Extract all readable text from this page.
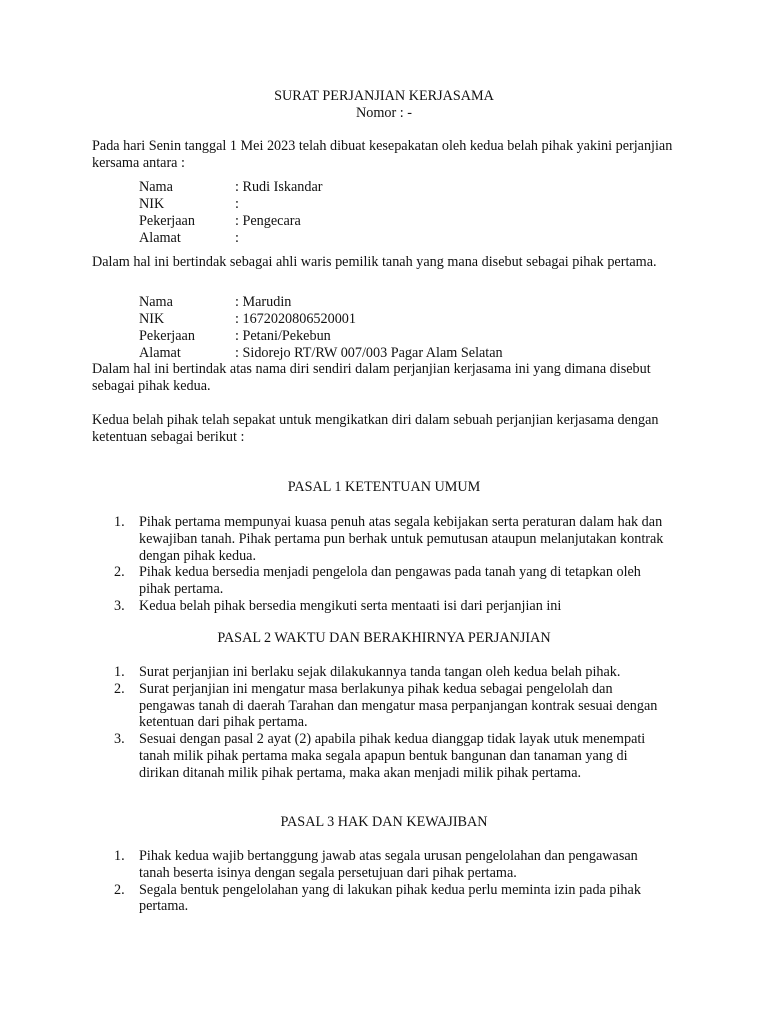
SURAT PERJANJIAN KERJASAMA
Nomor : -
Pada hari Senin tanggal 1 Mei 2023 telah dibuat kesepakatan oleh kedua belah pihak yakini perjanjian kersama antara :
Nama	: Rudi Iskandar
NIK	:
Pekerjaan	: Pengecara
Alamat	:
Dalam hal ini bertindak sebagai ahli waris pemilik tanah yang mana disebut sebagai pihak pertama.
Nama	: Marudin
NIK	: 1672020806520001
Pekerjaan	: Petani/Pekebun
Alamat	: Sidorejo RT/RW 007/003 Pagar Alam Selatan
Dalam hal ini bertindak atas nama diri sendiri dalam perjanjian kerjasama ini yang dimana disebut sebagai pihak kedua.
Kedua belah pihak telah sepakat untuk mengikatkan diri dalam sebuah perjanjian kerjasama dengan ketentuan sebagai berikut :
PASAL 1 KETENTUAN UMUM
1. Pihak pertama mempunyai kuasa penuh atas segala kebijakan serta peraturan dalam hak dan kewajiban tanah. Pihak pertama pun berhak untuk pemutusan ataupun melanjutakan kontrak dengan pihak kedua.
2. Pihak kedua bersedia menjadi pengelola dan pengawas pada tanah yang di tetapkan oleh pihak pertama.
3. Kedua belah pihak bersedia mengikuti serta mentaati isi dari perjanjian ini
PASAL 2 WAKTU DAN BERAKHIRNYA PERJANJIAN
1. Surat perjanjian ini berlaku sejak dilakukannya tanda tangan oleh kedua belah pihak.
2. Surat perjanjian ini mengatur masa berlakunya pihak kedua sebagai pengelolah dan pengawas tanah di daerah Tarahan dan mengatur masa perpanjangan kontrak sesuai dengan ketentuan dari pihak pertama.
3. Sesuai dengan pasal 2 ayat (2) apabila pihak kedua dianggap tidak layak utuk menempati tanah milik pihak pertama maka segala apapun bentuk bangunan dan tanaman yang di dirikan ditanah milik pihak pertama, maka akan menjadi milik pihak pertama.
PASAL 3 HAK DAN KEWAJIBAN
1. Pihak kedua wajib bertanggung jawab atas segala urusan pengelolahan dan pengawasan tanah beserta isinya dengan segala persetujuan dari pihak pertama.
2. Segala bentuk pengelolahan yang di lakukan pihak kedua perlu meminta izin pada pihak pertama.
